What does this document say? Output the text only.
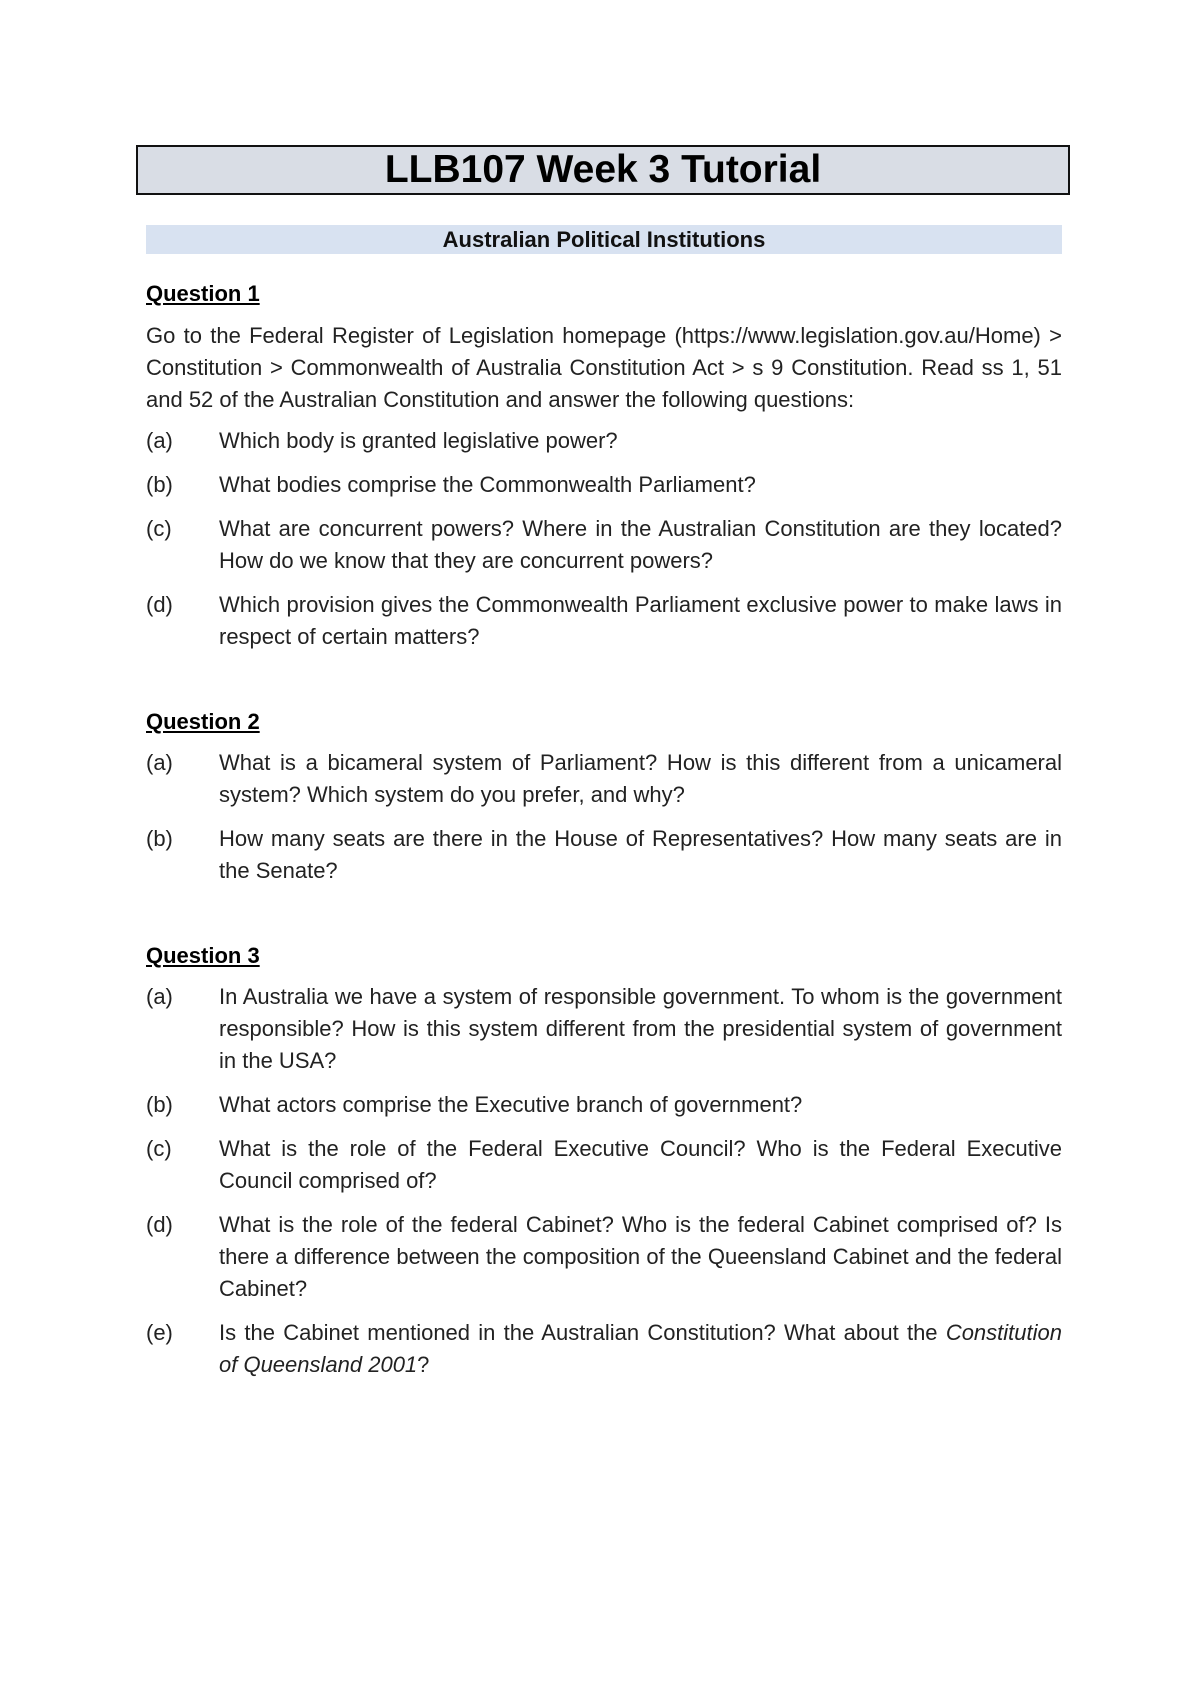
LLB107 Week 3 Tutorial
Australian Political Institutions

Question 1

Go to the Federal Register of Legislation homepage (https://www.legislation.gov.au/Home) > Constitution > Commonwealth of Australia Constitution Act > s 9 Constitution. Read ss 1, 51 and 52 of the Australian Constitution and answer the following questions:

(a)	Which body is granted legislative power?
(b)	What bodies comprise the Commonwealth Parliament?
(c)	What are concurrent powers? Where in the Australian Constitution are they located? How do we know that they are concurrent powers?
(d)	Which provision gives the Commonwealth Parliament exclusive power to make laws in respect of certain matters?

Question 2

(a)	What is a bicameral system of Parliament? How is this different from a unicameral system? Which system do you prefer, and why?
(b)	How many seats are there in the House of Representatives? How many seats are in the Senate?

Question 3

(a)	In Australia we have a system of responsible government. To whom is the government responsible? How is this system different from the presidential system of government in the USA?
(b)	What actors comprise the Executive branch of government?
(c)	What is the role of the Federal Executive Council? Who is the Federal Executive Council comprised of?
(d)	What is the role of the federal Cabinet? Who is the federal Cabinet comprised of? Is there a difference between the composition of the Queensland Cabinet and the federal Cabinet?
(e)	Is the Cabinet mentioned in the Australian Constitution? What about the Constitution of Queensland 2001?
